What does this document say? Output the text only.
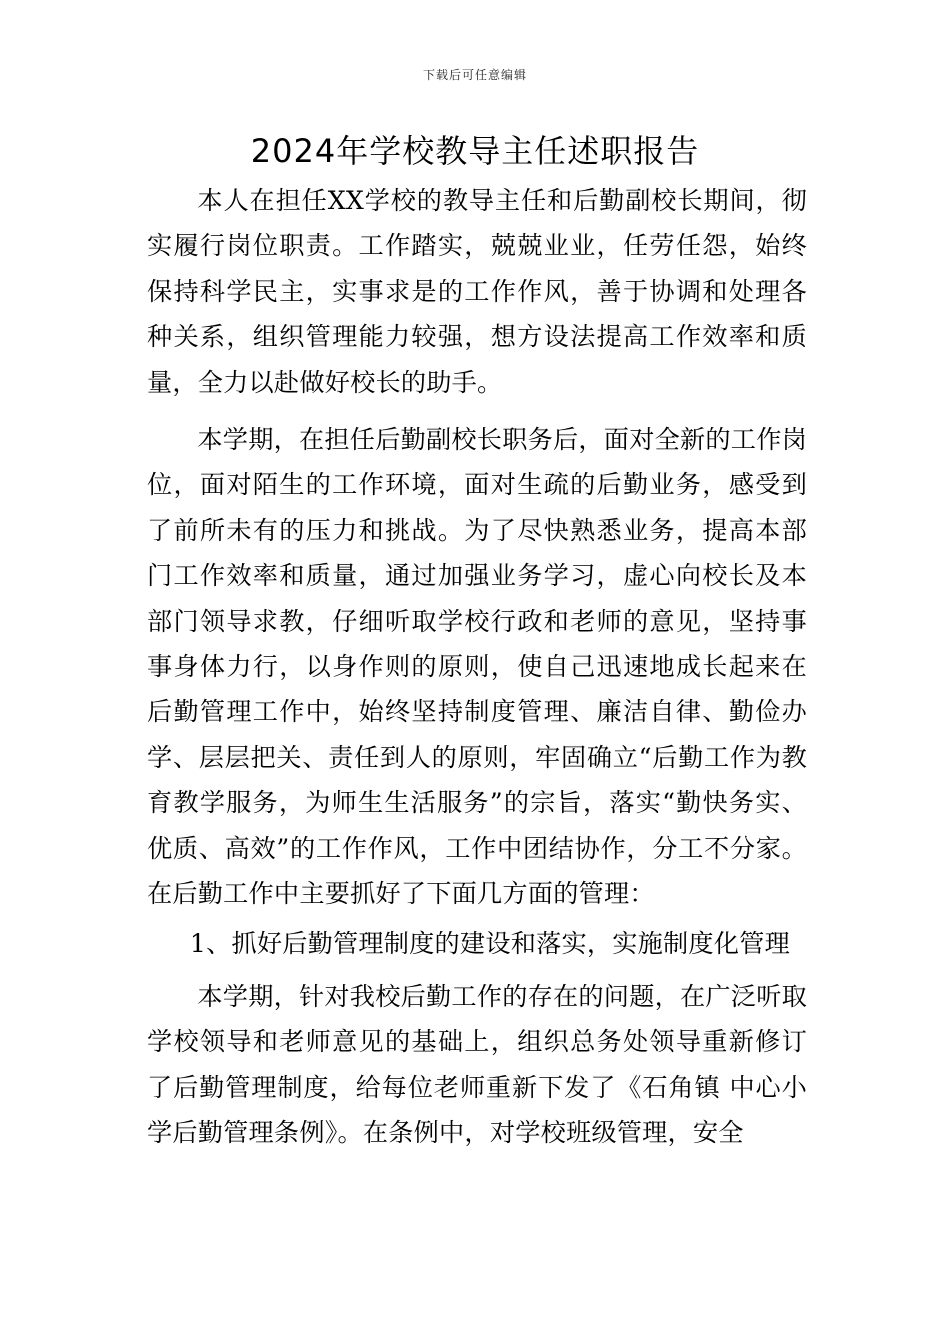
下载后可任意编辑
2024年学校教导主任述职报告

本人在担任XX学校的教导主任和后勤副校长期间，彻实履行岗位职责。工作踏实，兢兢业业，任劳任怨，始终保持科学民主，实事求是的工作作风，善于协调和处理各种关系，组织管理能力较强，想方设法提高工作效率和质量，全力以赴做好校长的助手。

本学期，在担任后勤副校长职务后，面对全新的工作岗位，面对陌生的工作环境，面对生疏的后勤业务，感受到了前所未有的压力和挑战。为了尽快熟悉业务，提高本部门工作效率和质量，通过加强业务学习，虚心向校长及本部门领导求教，仔细听取学校行政和老师的意见，坚持事事身体力行，以身作则的原则，使自己迅速地成长起来在后勤管理工作中，始终坚持制度管理、廉洁自律、勤俭办学、层层把关、责任到人的原则，牢固确立“后勤工作为教育教学服务，为师生生活服务”的宗旨，落实“勤快务实、优质、高效”的工作作风，工作中团结协作，分工不分家。在后勤工作中主要抓好了下面几方面的管理：

1、抓好后勤管理制度的建设和落实，实施制度化管理

本学期，针对我校后勤工作的存在的问题，在广泛听取学校领导和老师意见的基础上，组织总务处领导重新修订了后勤管理制度，给每位老师重新下发了《石角镇 中心小学后勤管理条例》。在条例中，对学校班级管理，安全
